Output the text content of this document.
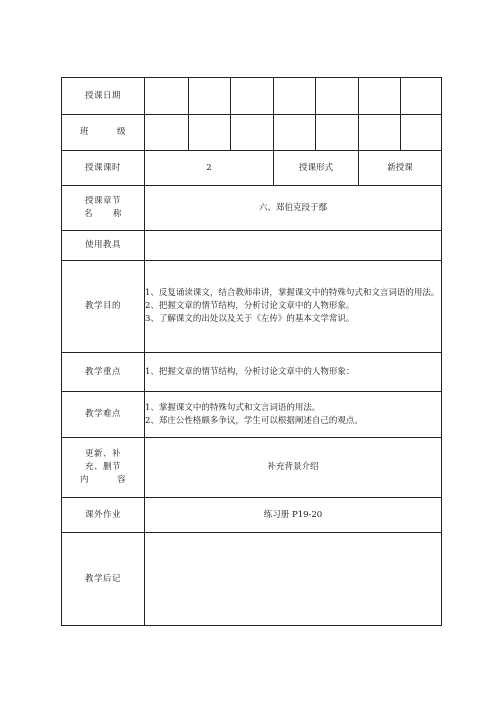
授课日期							
班 级							
授课课时	2			授课形式		新授课	

授课章节
名 称	六、郑伯克段于鄢						
使用教具							
教学目的	1、反复诵读课文，结合教师串讲，掌握课文中的特殊句式和文言词语的用法。
2、把握文章的情节结构，分析讨论文章中的人物形象。
3、了解课文的出处以及关于《左传》的基本文学常识。						

教学重点	1、把握文章的情节结构，分析讨论文章中的人物形象：						

教学难点	1、掌握课文中的特殊句式和文言词语的用法。
2、郑庄公性格颇多争议，学生可以根据阐述自己的观点。						

更新、补
充、删节
内 容	补充背景介绍						
课外作业	练习册 P19-20						
教学后记							
